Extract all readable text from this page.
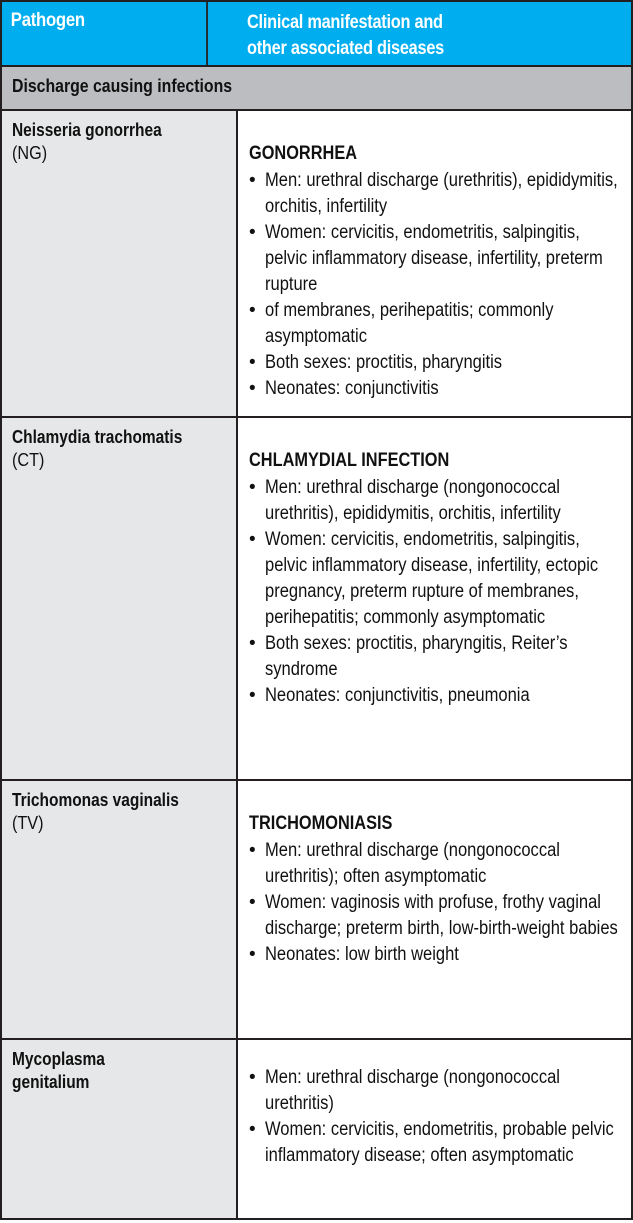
Pathogen	Clinical manifestation and
other associated diseases
Discharge causing infections
Neisseria gonorrhea
(NG)	GONORRHEA
• Men: urethral discharge (urethritis), epididymitis, orchitis, infertility
• Women: cervicitis, endometritis, salpingitis, pelvic inflammatory disease, infertility, preterm rupture
• of membranes, perihepatitis; commonly asymptomatic
• Both sexes: proctitis, pharyngitis
• Neonates: conjunctivitis
Chlamydia trachomatis
(CT)	CHLAMYDIAL INFECTION
• Men: urethral discharge (nongonococcal urethritis), epididymitis, orchitis, infertility
• Women: cervicitis, endometritis, salpingitis, pelvic inflammatory disease, infertility, ectopic pregnancy, preterm rupture of membranes, perihepatitis; commonly asymptomatic
• Both sexes: proctitis, pharyngitis, Reiter’s syndrome
• Neonates: conjunctivitis, pneumonia
Trichomonas vaginalis
(TV)	TRICHOMONIASIS
• Men: urethral discharge (nongonococcal urethritis); often asymptomatic
• Women: vaginosis with profuse, frothy vaginal discharge; preterm birth, low-birth-weight babies
• Neonates: low birth weight
Mycoplasma
genitalium	• Men: urethral discharge (nongonococcal urethritis)
• Women: cervicitis, endometritis, probable pelvic inflammatory disease; often asymptomatic
